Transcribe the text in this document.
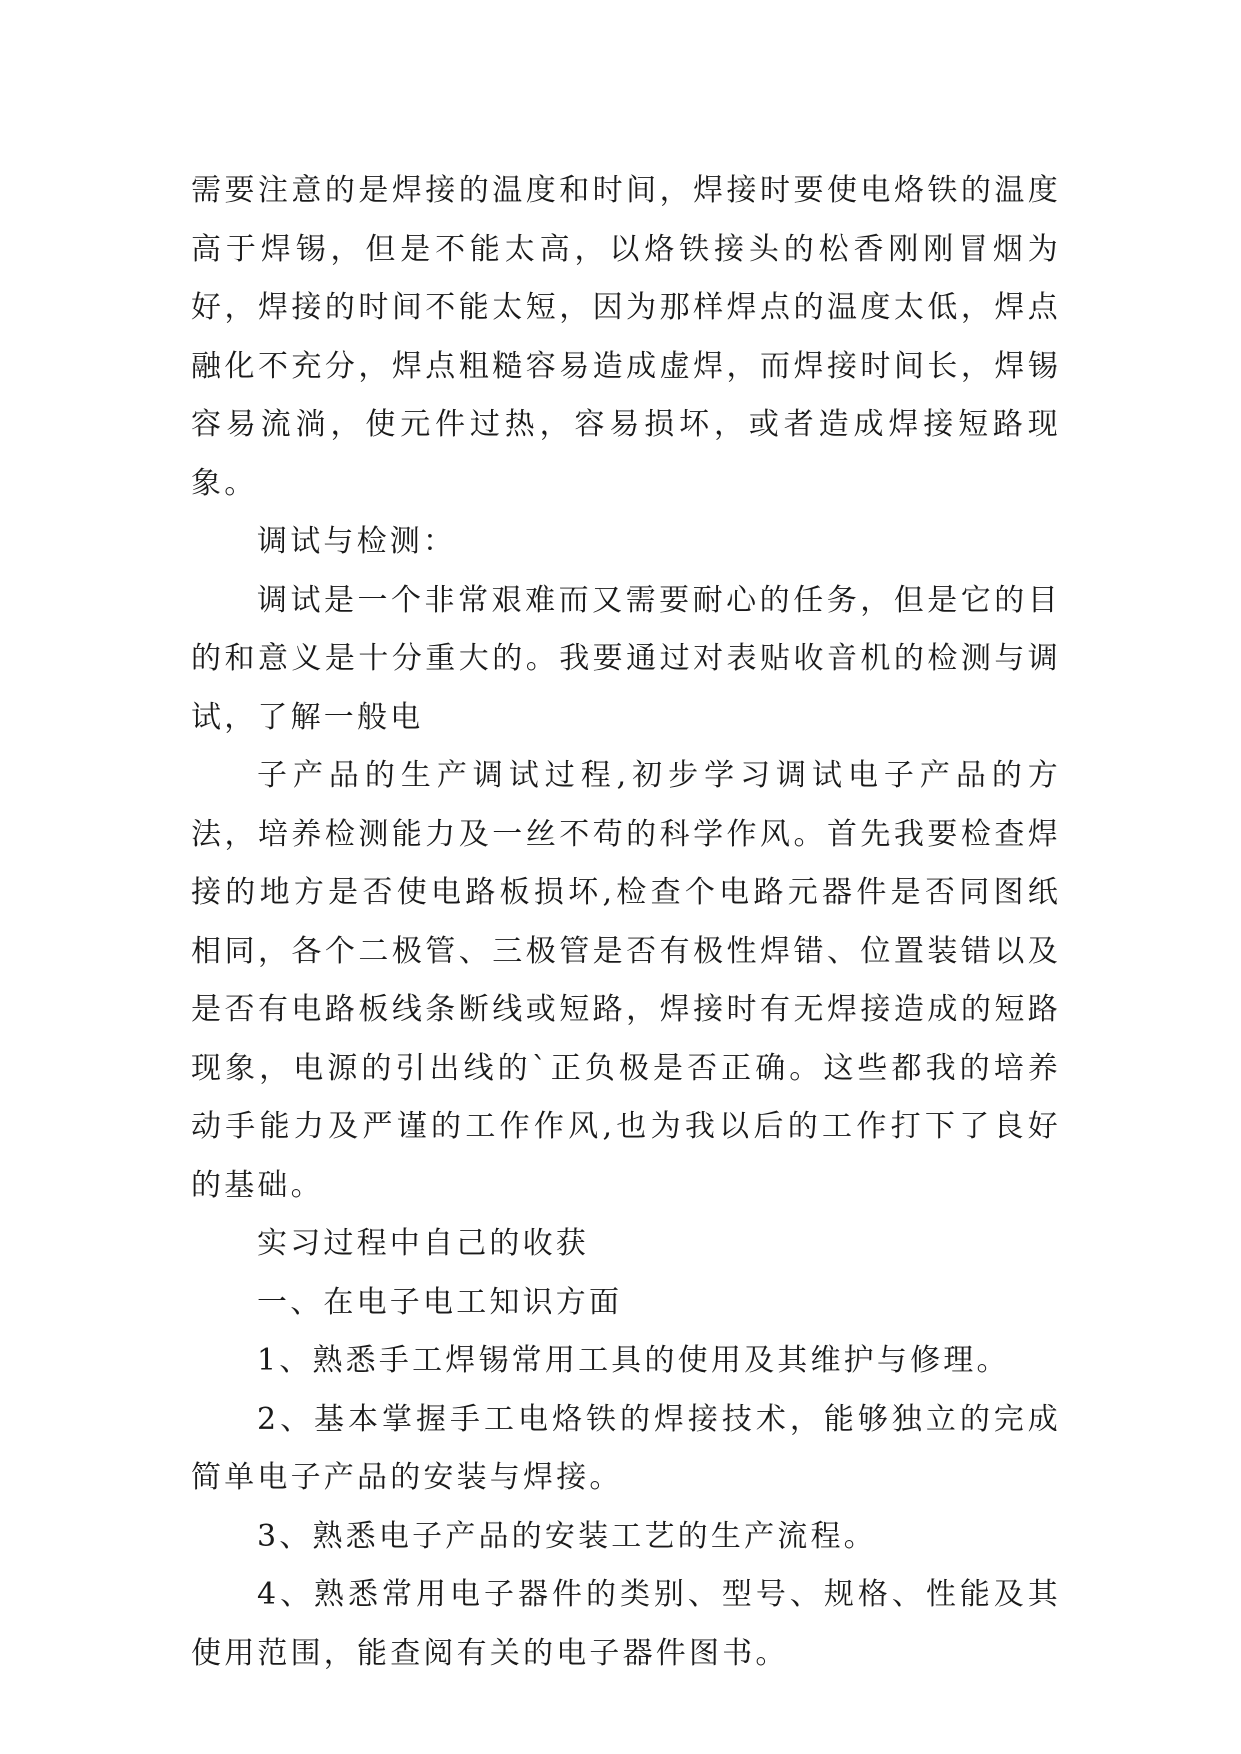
需要注意的是焊接的温度和时间，焊接时要使电烙铁的温度高于焊锡，但是不能太高，以烙铁接头的松香刚刚冒烟为好，焊接的时间不能太短，因为那样焊点的温度太低，焊点融化不充分，焊点粗糙容易造成虚焊，而焊接时间长，焊锡容易流淌，使元件过热，容易损坏，或者造成焊接短路现象。

调试与检测：

调试是一个非常艰难而又需要耐心的任务，但是它的目的和意义是十分重大的。我要通过对表贴收音机的检测与调试，了解一般电

子产品的生产调试过程,初步学习调试电子产品的方法，培养检测能力及一丝不苟的科学作风。首先我要检查焊接的地方是否使电路板损坏,检查个电路元器件是否同图纸相同，各个二极管、三极管是否有极性焊错、位置装错以及是否有电路板线条断线或短路，焊接时有无焊接造成的短路现象，电源的引出线的`正负极是否正确。这些都我的培养动手能力及严谨的工作作风,也为我以后的工作打下了良好的基础。

实习过程中自己的收获

一、在电子电工知识方面

1、熟悉手工焊锡常用工具的使用及其维护与修理。

2、基本掌握手工电烙铁的焊接技术，能够独立的完成简单电子产品的安装与焊接。

3、熟悉电子产品的安装工艺的生产流程。

4、熟悉常用电子器件的类别、型号、规格、性能及其使用范围，能查阅有关的电子器件图书。
